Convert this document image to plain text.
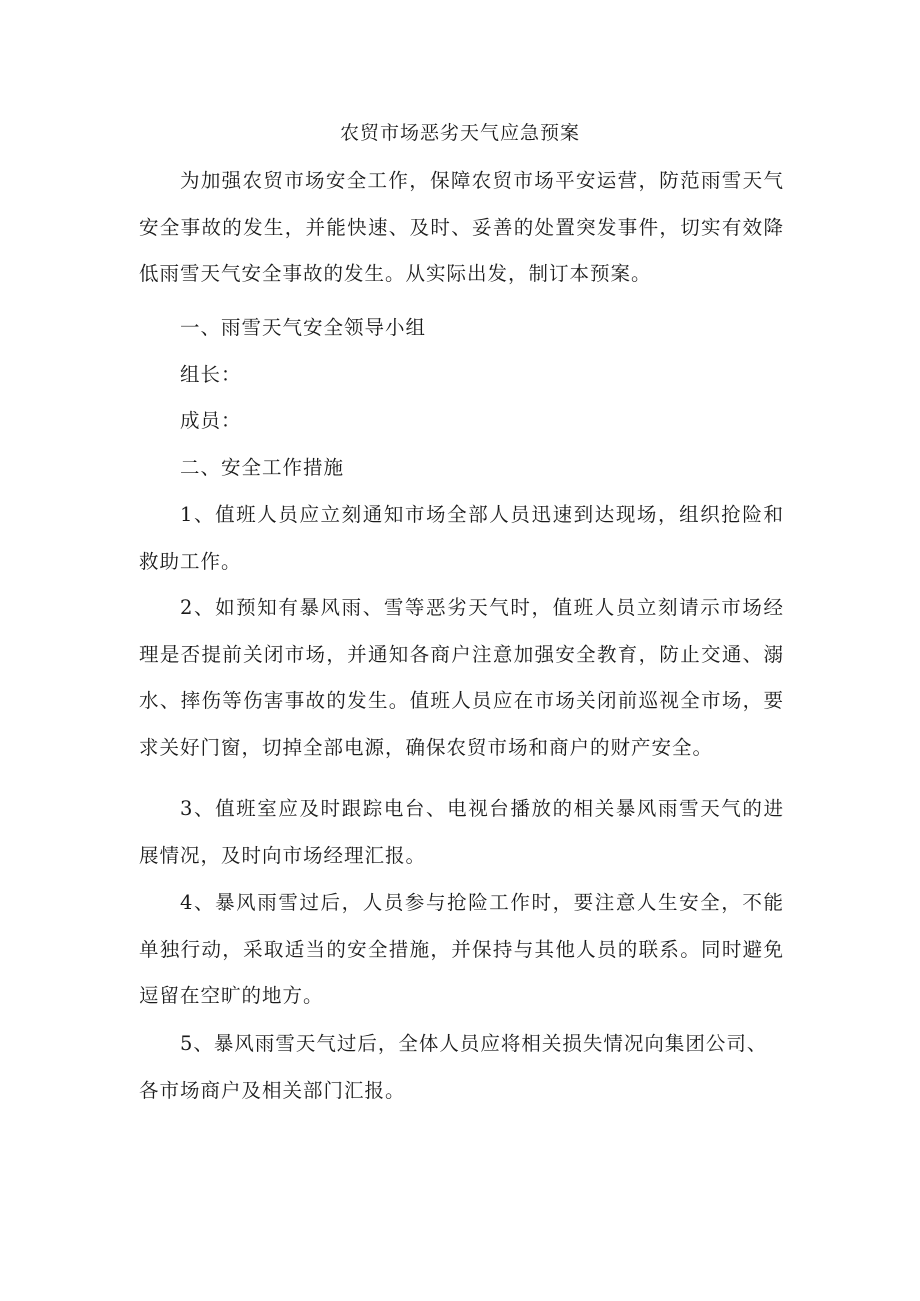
农贸市场恶劣天气应急预案

为加强农贸市场安全工作，保障农贸市场平安运营，防范雨雪天气安全事故的发生，并能快速、及时、妥善的处置突发事件，切实有效降低雨雪天气安全事故的发生。从实际出发，制订本预案。

一、雨雪天气安全领导小组

组长：

成员：

二、安全工作措施

1、值班人员应立刻通知市场全部人员迅速到达现场，组织抢险和救助工作。

2、如预知有暴风雨、雪等恶劣天气时，值班人员立刻请示市场经理是否提前关闭市场，并通知各商户注意加强安全教育，防止交通、溺水、摔伤等伤害事故的发生。值班人员应在市场关闭前巡视全市场，要求关好门窗，切掉全部电源，确保农贸市场和商户的财产安全。

3、值班室应及时跟踪电台、电视台播放的相关暴风雨雪天气的进展情况，及时向市场经理汇报。

4、暴风雨雪过后，人员参与抢险工作时，要注意人生安全，不能单独行动，采取适当的安全措施，并保持与其他人员的联系。同时避免逗留在空旷的地方。

5、暴风雨雪天气过后，全体人员应将相关损失情况向集团公司、

各市场商户及相关部门汇报。
